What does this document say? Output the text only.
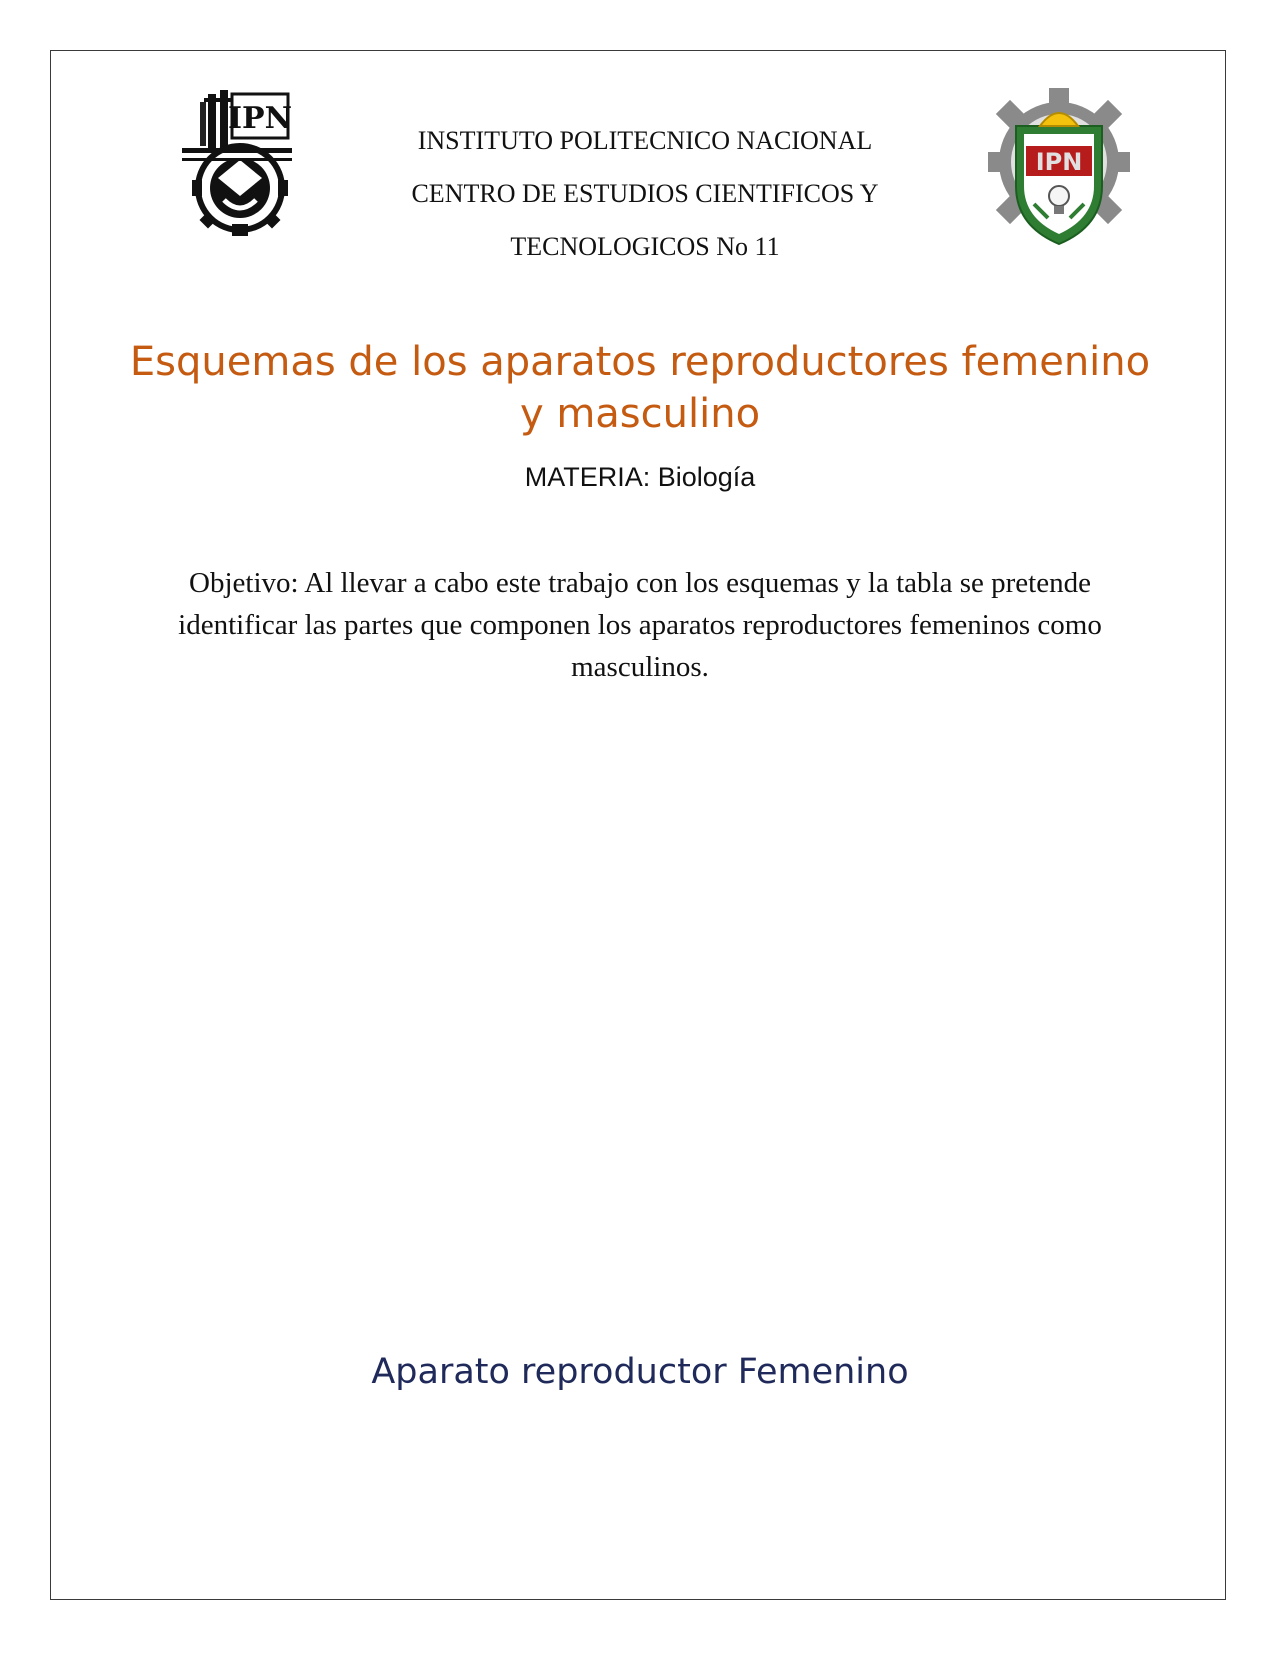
IPN
IPN
INSTITUTO POLITECNICO NACIONAL
CENTRO DE ESTUDIOS CIENTIFICOS Y
TECNOLOGICOS No 11
Esquemas de los aparatos reproductores femenino y masculino
MATERIA: Biología

Objetivo: Al llevar a cabo este trabajo con los esquemas y la tabla se pretende identificar las partes que componen los aparatos reproductores femeninos como masculinos.

Aparato reproductor Femenino
